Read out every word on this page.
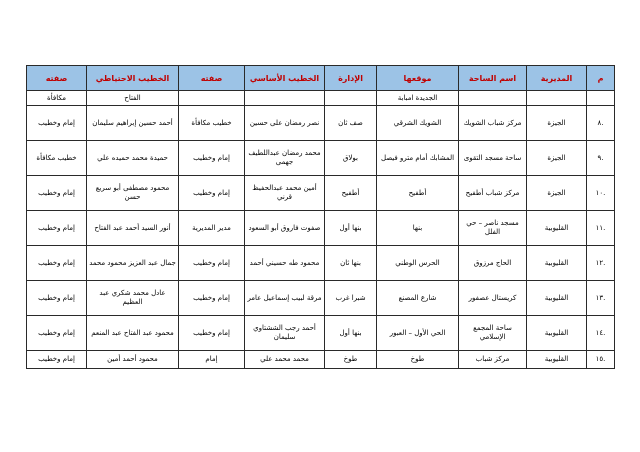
م	المديرية	اسم الساحة	موقعها	الإدارة	الخطيب الأساسي	صفته	الخطيب الاحتياطي	صفته
			الجديدة امبابة				الفتاح	مكافأة
.٨	الجيزة	مركز شباب الشويك	الشويك الشرقي	صف ثان	نصر رمضان على حسين	خطيب مكافأة	أحمد حسين إبراهيم سليمان	إمام وخطيب
.٩	الجيزة	ساحة مسجد التقوى	المشابك أمام مترو فيصل	بولاق	محمد رمضان عبداللطيف جهمى	إمام وخطيب	حميدة محمد حميده علي	خطيب مكافأة
.١٠	الجيزة	مركز شباب أطفيح	أطفيح	أطفيح	أمين محمد عبدالحفيظ قرني	إمام وخطيب	محمود مصطفى أبو سريع حسن	إمام وخطيب
.١١	القليوبية	مسجد ناصر – حي الفلل	بنها	بنها أول	صفوت فاروق أبو السعود	مدير المديرية	أنور السيد أحمد عبد الفتاح	إمام وخطيب
.١٢	القليوبية	الحاج مرزوق	الحرس الوطني	بنها ثان	محمود طه حسيني أحمد	إمام وخطيب	جمال عبد العزيز محمود محمد	إمام وخطيب
.١٣	القليوبية	كريستال عصفور	شارع المصنع	شبرا غرب	مرقة لبيب إسماعيل عامر	إمام وخطيب	عادل محمد شكري عبد العظيم	إمام وخطيب
.١٤	القليوبية	ساحة المجمع الإسلامي	الحي الأول – العبور	بنها أول	أحمد رجب الششتاوي سليمان	إمام وخطيب	محمود عبد الفتاح عبد المنعم	إمام وخطيب
.١٥	القليوبية	مركز شباب	طوخ	طوخ	محمد محمد علي	إمام	محمود أحمد أمين	إمام وخطيب
